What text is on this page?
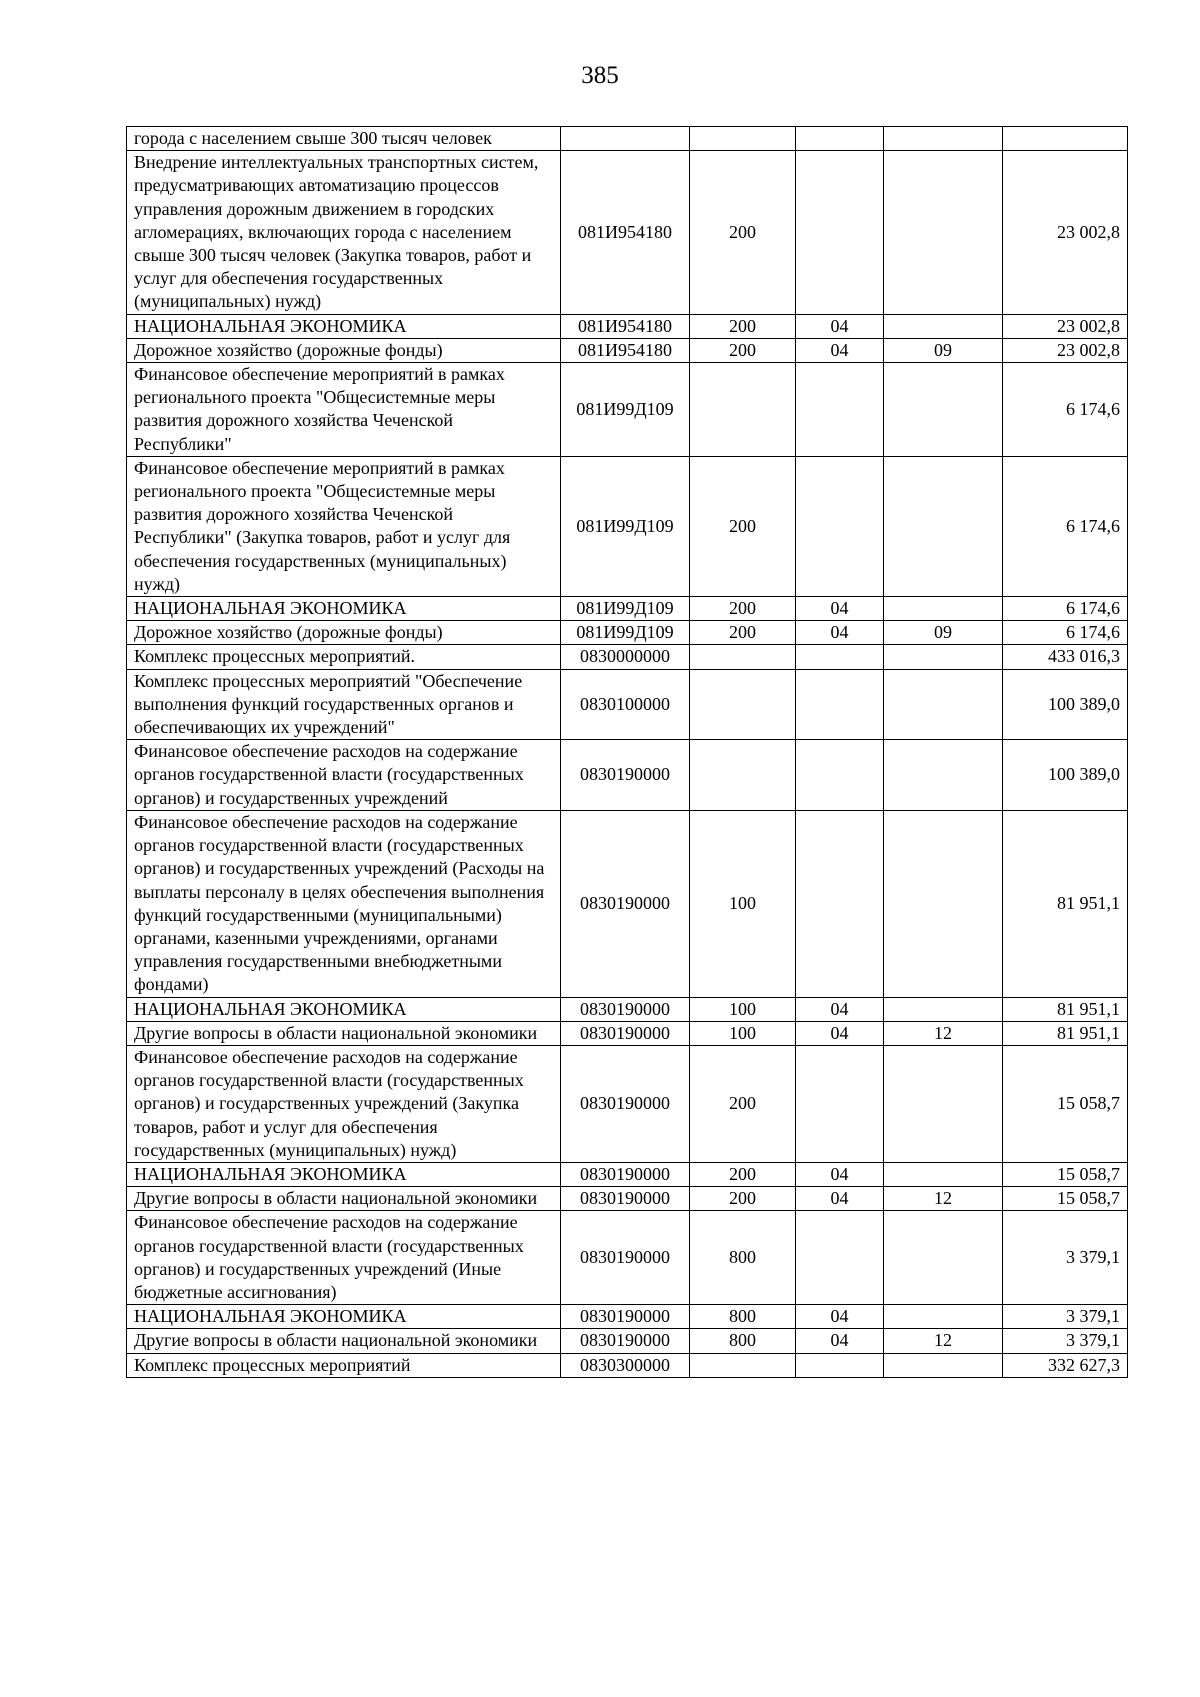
385
города с населением свыше 300 тысяч человек					
Внедрение интеллектуальных транспортных систем, предусматривающих автоматизацию процессов управления дорожным движением в городских агломерациях, включающих города с населением свыше 300 тысяч человек (Закупка товаров, работ и услуг для обеспечения государственных (муниципальных) нужд)	081И954180	200			23 002,8
НАЦИОНАЛЬНАЯ ЭКОНОМИКА	081И954180	200	04		23 002,8
Дорожное хозяйство (дорожные фонды)	081И954180	200	04	09	23 002,8
Финансовое обеспечение мероприятий в рамках регионального проекта "Общесистемные меры развития дорожного хозяйства Чеченской Республики"	081И99Д109				6 174,6
Финансовое обеспечение мероприятий в рамках регионального проекта "Общесистемные меры развития дорожного хозяйства Чеченской Республики" (Закупка товаров, работ и услуг для обеспечения государственных (муниципальных) нужд)	081И99Д109	200			6 174,6
НАЦИОНАЛЬНАЯ ЭКОНОМИКА	081И99Д109	200	04		6 174,6
Дорожное хозяйство (дорожные фонды)	081И99Д109	200	04	09	6 174,6
Комплекс процессных мероприятий.	0830000000				433 016,3
Комплекс процессных мероприятий "Обеспечение выполнения функций государственных органов и обеспечивающих их учреждений"	0830100000				100 389,0
Финансовое обеспечение расходов на содержание органов государственной власти (государственных органов) и государственных учреждений	0830190000				100 389,0
Финансовое обеспечение расходов на содержание органов государственной власти (государственных органов) и государственных учреждений (Расходы на выплаты персоналу в целях обеспечения выполнения функций государственными (муниципальными) органами, казенными учреждениями, органами управления государственными внебюджетными фондами)	0830190000	100			81 951,1
НАЦИОНАЛЬНАЯ ЭКОНОМИКА	0830190000	100	04		81 951,1
Другие вопросы в области национальной экономики	0830190000	100	04	12	81 951,1
Финансовое обеспечение расходов на содержание органов государственной власти (государственных органов) и государственных учреждений (Закупка товаров, работ и услуг для обеспечения государственных (муниципальных) нужд)	0830190000	200			15 058,7
НАЦИОНАЛЬНАЯ ЭКОНОМИКА	0830190000	200	04		15 058,7
Другие вопросы в области национальной экономики	0830190000	200	04	12	15 058,7
Финансовое обеспечение расходов на содержание органов государственной власти (государственных органов) и государственных учреждений (Иные бюджетные ассигнования)	0830190000	800			3 379,1
НАЦИОНАЛЬНАЯ ЭКОНОМИКА	0830190000	800	04		3 379,1
Другие вопросы в области национальной экономики	0830190000	800	04	12	3 379,1
Комплекс процессных мероприятий	0830300000				332 627,3
